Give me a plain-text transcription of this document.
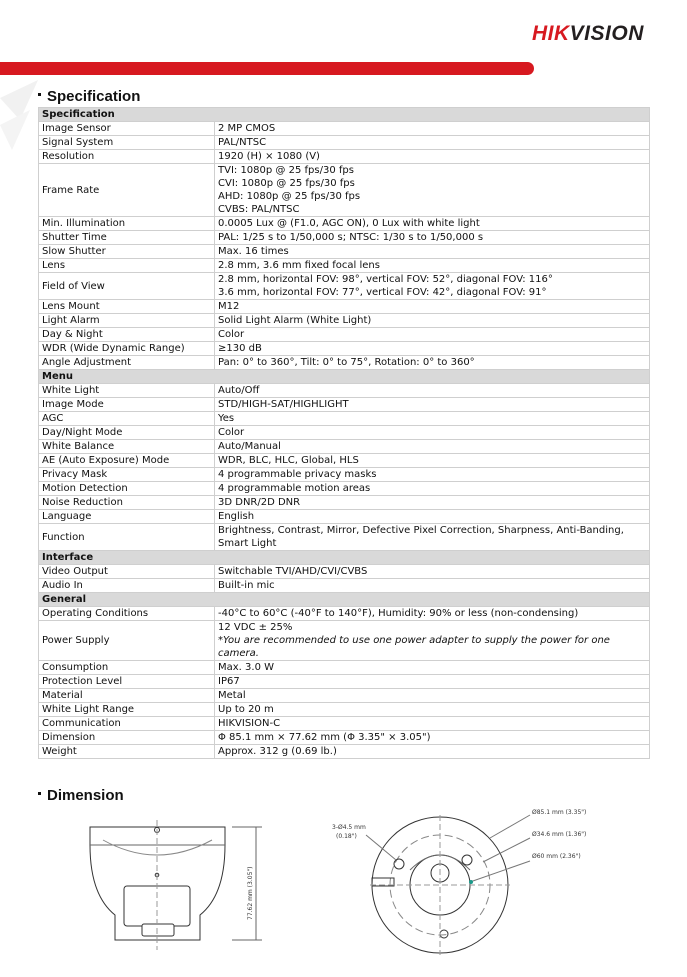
HIKVISION
Specification
Specification	
Image Sensor	2 MP CMOS

Signal System	PAL/NTSC

Resolution	1920 (H) × 1080 (V)

Frame Rate	TVI: 1080p @ 25 fps/30 fps
CVI: 1080p @ 25 fps/30 fps
AHD: 1080p @ 25 fps/30 fps
CVBS: PAL/NTSC

Min. Illumination	0.0005 Lux @ (F1.0, AGC ON), 0 Lux with white light

Shutter Time	PAL: 1/25 s to 1/50,000 s; NTSC: 1/30 s to 1/50,000 s

Slow Shutter	Max. 16 times

Lens	2.8 mm, 3.6 mm fixed focal lens

Field of View	2.8 mm, horizontal FOV: 98°, vertical FOV: 52°, diagonal FOV: 116°
3.6 mm, horizontal FOV: 77°, vertical FOV: 42°, diagonal FOV: 91°

Lens Mount	M12

Light Alarm	Solid Light Alarm (White Light)

Day & Night	Color

WDR (Wide Dynamic Range)	≥130 dB

Angle Adjustment	Pan: 0° to 360°, Tilt: 0° to 75°, Rotation: 0° to 360°

Menu	
White Light	Auto/Off

Image Mode	STD/HIGH-SAT/HIGHLIGHT

AGC	Yes

Day/Night Mode	Color

White Balance	Auto/Manual

AE (Auto Exposure) Mode	WDR, BLC, HLC, Global, HLS

Privacy Mask	4 programmable privacy masks

Motion Detection	4 programmable motion areas

Noise Reduction	3D DNR/2D DNR

Language	English

Function	Brightness, Contrast, Mirror, Defective Pixel Correction, Sharpness, Anti-Banding,
Smart Light

Interface	
Video Output	Switchable TVI/AHD/CVI/CVBS

Audio In	Built-in mic

General	
Operating Conditions	-40°C to 60°C (-40°F to 140°F), Humidity: 90% or less (non-condensing)

Power Supply	12 VDC ± 25%
*You are recommended to use one power adapter to supply the power for one camera.

Consumption	Max. 3.0 W

Protection Level	IP67

Material	Metal

White Light Range	Up to 20 m

Communication	HIKVISION-C

Dimension	Φ 85.1 mm × 77.62 mm (Φ 3.35" × 3.05")

Weight	Approx. 312 g (0.69 lb.)
Dimension
77.62 mm (3.05")
3-Ø4.5 mm
(0.18")
Ø85.1 mm (3.35")
Ø34.6 mm (1.36")
Ø60 mm (2.36")
